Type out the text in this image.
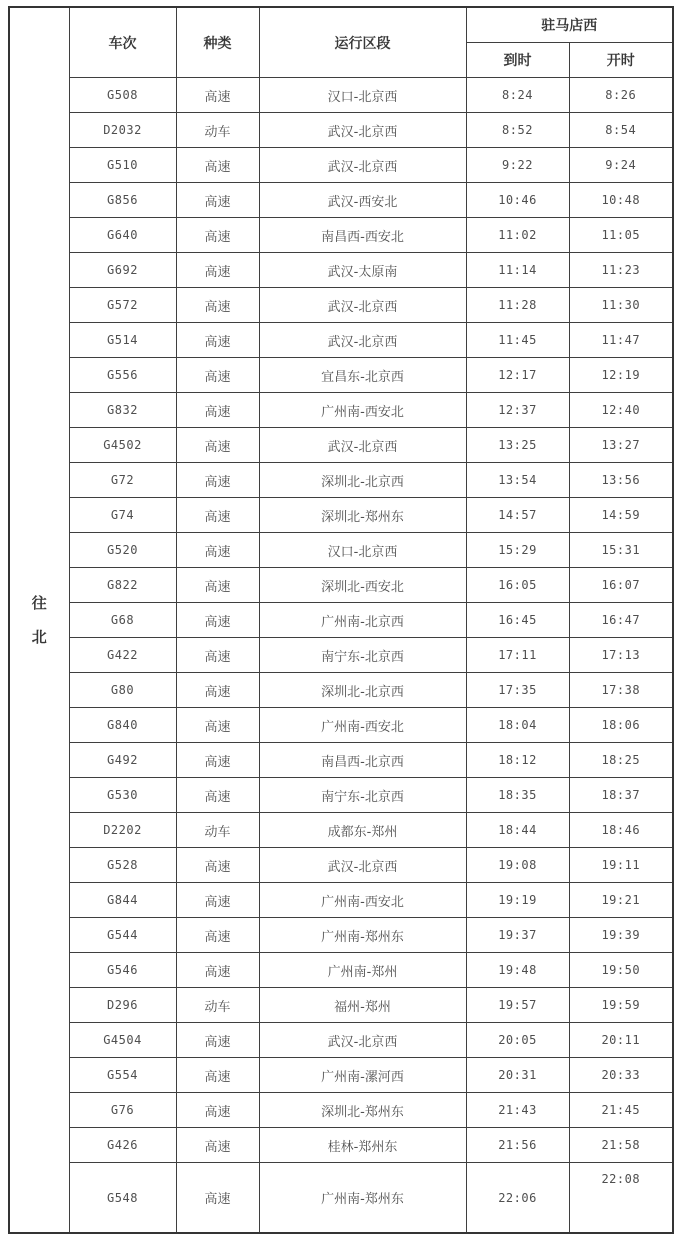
往北	车次	种类	运行区段	驻马店西	
				到时	开时
	G508	高速	汉口-北京西	8:24	8:26
	D2032	动车	武汉-北京西	8:52	8:54
	G510	高速	武汉-北京西	9:22	9:24
	G856	高速	武汉-西安北	10:46	10:48
	G640	高速	南昌西-西安北	11:02	11:05
	G692	高速	武汉-太原南	11:14	11:23
	G572	高速	武汉-北京西	11:28	11:30
	G514	高速	武汉-北京西	11:45	11:47
	G556	高速	宜昌东-北京西	12:17	12:19
	G832	高速	广州南-西安北	12:37	12:40
	G4502	高速	武汉-北京西	13:25	13:27
	G72	高速	深圳北-北京西	13:54	13:56
	G74	高速	深圳北-郑州东	14:57	14:59
	G520	高速	汉口-北京西	15:29	15:31
	G822	高速	深圳北-西安北	16:05	16:07
	G68	高速	广州南-北京西	16:45	16:47
	G422	高速	南宁东-北京西	17:11	17:13
	G80	高速	深圳北-北京西	17:35	17:38
	G840	高速	广州南-西安北	18:04	18:06
	G492	高速	南昌西-北京西	18:12	18:25
	G530	高速	南宁东-北京西	18:35	18:37
	D2202	动车	成都东-郑州	18:44	18:46
	G528	高速	武汉-北京西	19:08	19:11
	G844	高速	广州南-西安北	19:19	19:21
	G544	高速	广州南-郑州东	19:37	19:39
	G546	高速	广州南-郑州	19:48	19:50
	D296	动车	福州-郑州	19:57	19:59
	G4504	高速	武汉-北京西	20:05	20:11
	G554	高速	广州南-漯河西	20:31	20:33
	G76	高速	深圳北-郑州东	21:43	21:45
	G426	高速	桂林-郑州东	21:56	21:58
	G548	高速	广州南-郑州东	22:06	22:08
